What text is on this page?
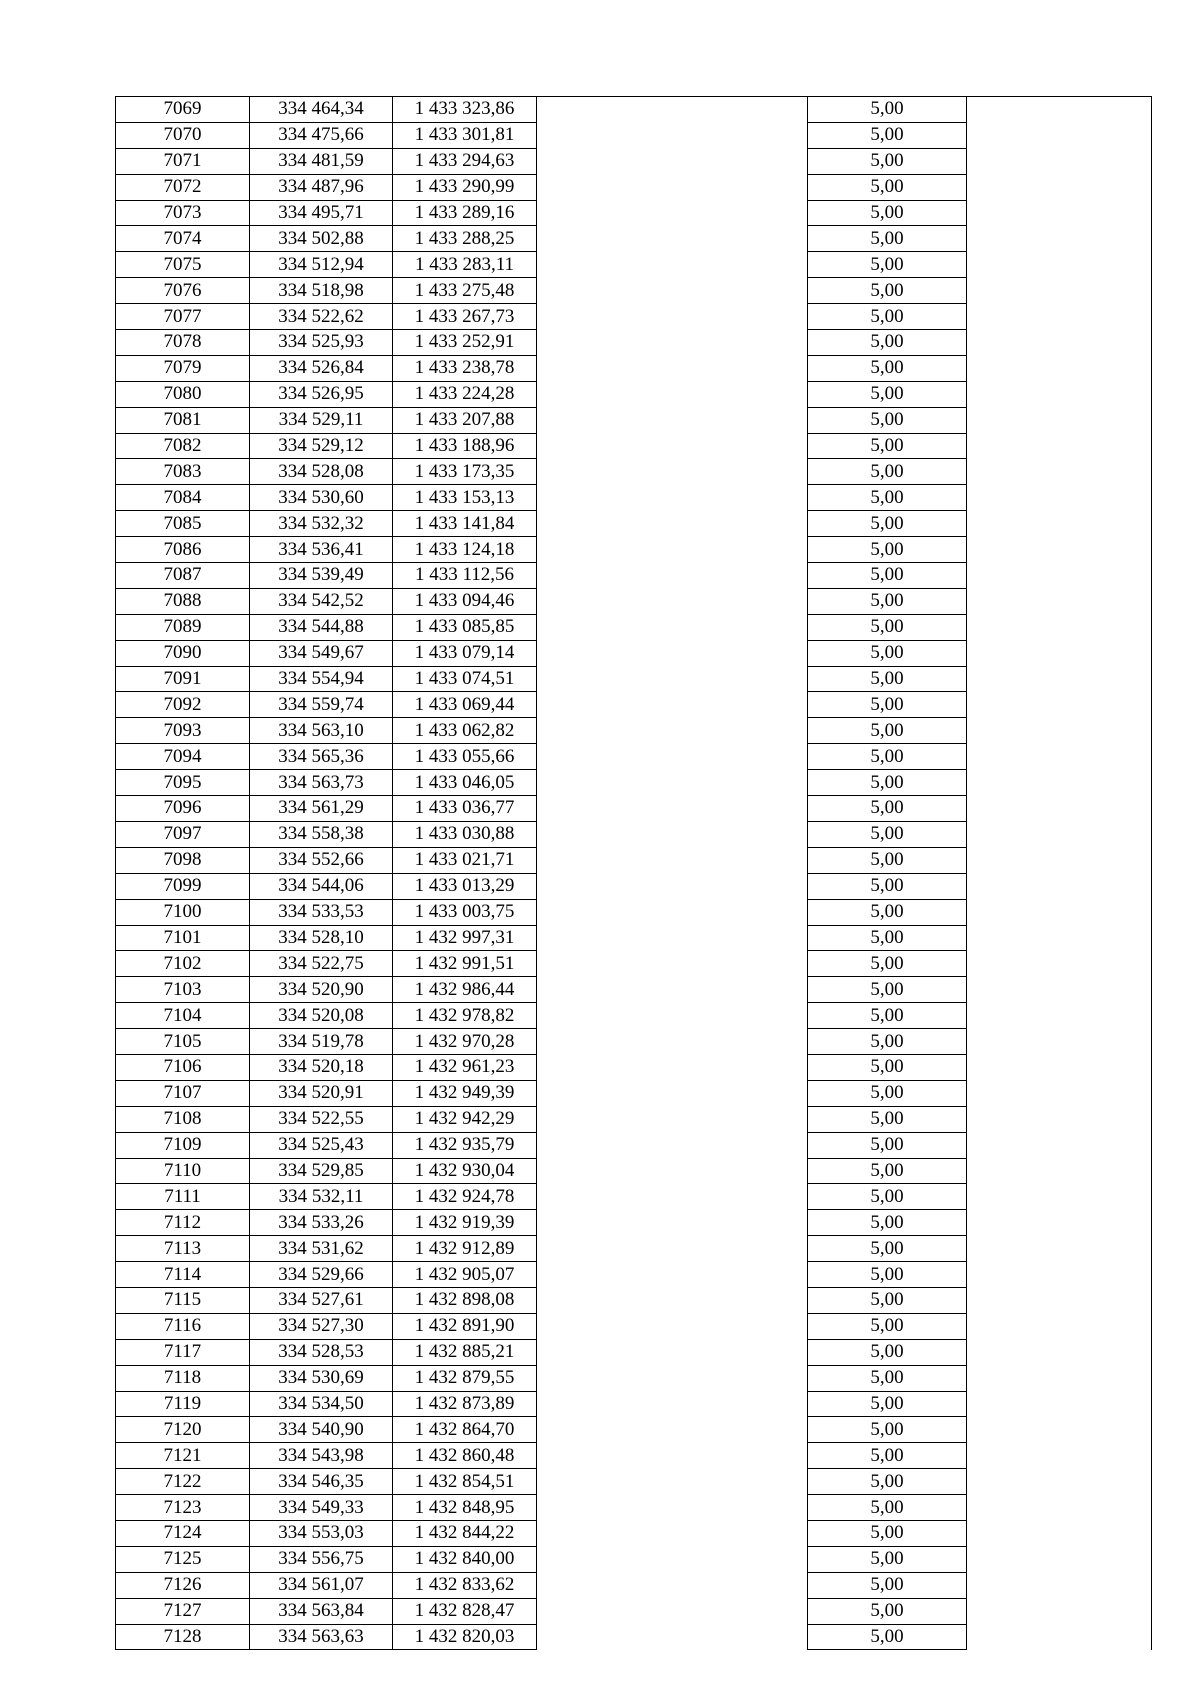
7069	334 464,34	1 433 323,86		5,00	
7070	334 475,66	1 433 301,81		5,00	
7071	334 481,59	1 433 294,63		5,00	
7072	334 487,96	1 433 290,99		5,00	
7073	334 495,71	1 433 289,16		5,00	
7074	334 502,88	1 433 288,25		5,00	
7075	334 512,94	1 433 283,11		5,00	
7076	334 518,98	1 433 275,48		5,00	
7077	334 522,62	1 433 267,73		5,00	
7078	334 525,93	1 433 252,91		5,00	
7079	334 526,84	1 433 238,78		5,00	
7080	334 526,95	1 433 224,28		5,00	
7081	334 529,11	1 433 207,88		5,00	
7082	334 529,12	1 433 188,96		5,00	
7083	334 528,08	1 433 173,35		5,00	
7084	334 530,60	1 433 153,13		5,00	
7085	334 532,32	1 433 141,84		5,00	
7086	334 536,41	1 433 124,18		5,00	
7087	334 539,49	1 433 112,56		5,00	
7088	334 542,52	1 433 094,46		5,00	
7089	334 544,88	1 433 085,85		5,00	
7090	334 549,67	1 433 079,14		5,00	
7091	334 554,94	1 433 074,51		5,00	
7092	334 559,74	1 433 069,44		5,00	
7093	334 563,10	1 433 062,82		5,00	
7094	334 565,36	1 433 055,66		5,00	
7095	334 563,73	1 433 046,05		5,00	
7096	334 561,29	1 433 036,77		5,00	
7097	334 558,38	1 433 030,88		5,00	
7098	334 552,66	1 433 021,71		5,00	
7099	334 544,06	1 433 013,29		5,00	
7100	334 533,53	1 433 003,75		5,00	
7101	334 528,10	1 432 997,31		5,00	
7102	334 522,75	1 432 991,51		5,00	
7103	334 520,90	1 432 986,44		5,00	
7104	334 520,08	1 432 978,82		5,00	
7105	334 519,78	1 432 970,28		5,00	
7106	334 520,18	1 432 961,23		5,00	
7107	334 520,91	1 432 949,39		5,00	
7108	334 522,55	1 432 942,29		5,00	
7109	334 525,43	1 432 935,79		5,00	
7110	334 529,85	1 432 930,04		5,00	
7111	334 532,11	1 432 924,78		5,00	
7112	334 533,26	1 432 919,39		5,00	
7113	334 531,62	1 432 912,89		5,00	
7114	334 529,66	1 432 905,07		5,00	
7115	334 527,61	1 432 898,08		5,00	
7116	334 527,30	1 432 891,90		5,00	
7117	334 528,53	1 432 885,21		5,00	
7118	334 530,69	1 432 879,55		5,00	
7119	334 534,50	1 432 873,89		5,00	
7120	334 540,90	1 432 864,70		5,00	
7121	334 543,98	1 432 860,48		5,00	
7122	334 546,35	1 432 854,51		5,00	
7123	334 549,33	1 432 848,95		5,00	
7124	334 553,03	1 432 844,22		5,00	
7125	334 556,75	1 432 840,00		5,00	
7126	334 561,07	1 432 833,62		5,00	
7127	334 563,84	1 432 828,47		5,00	
7128	334 563,63	1 432 820,03		5,00	
